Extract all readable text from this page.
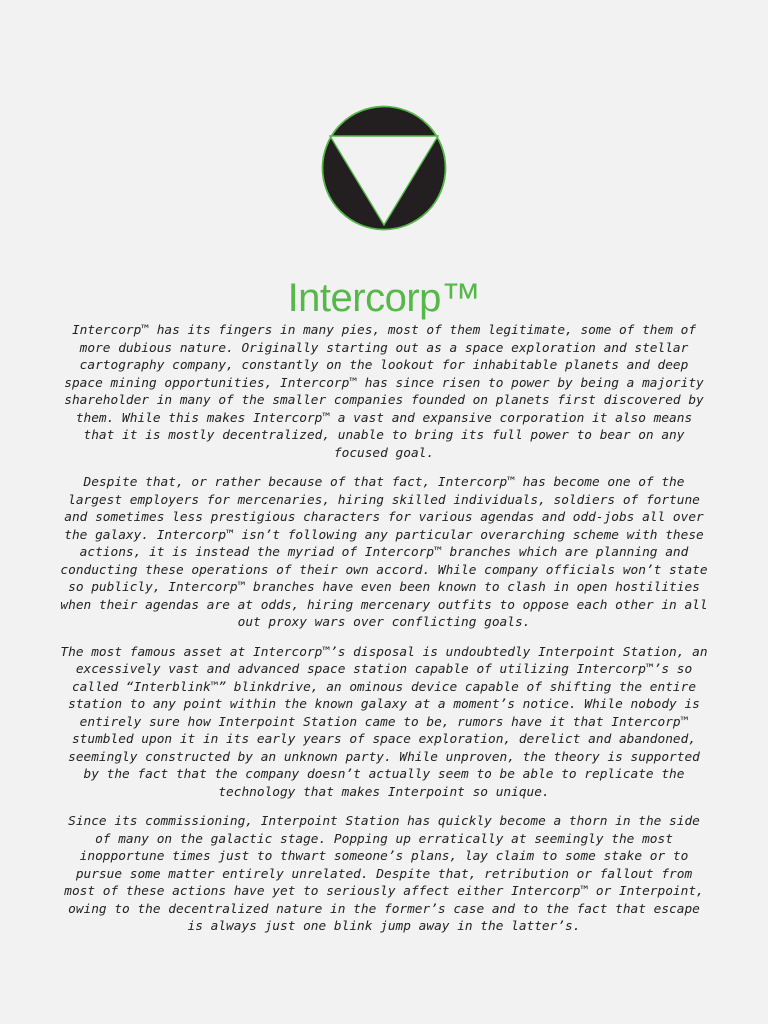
Intercorp™

Intercorp™ has its fingers in many pies, most of them legitimate, some of them of more dubious nature. Originally starting out as a space exploration and stellar cartography company, constantly on the lookout for inhabitable planets and deep space mining opportunities, Intercorp™ has since risen to power by being a majority shareholder in many of the smaller companies founded on planets first discovered by them. While this makes Intercorp™ a vast and expansive corporation it also means that it is mostly decentralized, unable to bring its full power to bear on any focused goal.

Despite that, or rather because of that fact, Intercorp™ has become one of the largest employers for mercenaries, hiring skilled individuals, soldiers of fortune and sometimes less prestigious characters for various agendas and odd-jobs all over the galaxy. Intercorp™ isn’t following any particular overarching scheme with these actions, it is instead the myriad of Intercorp™ branches which are planning and conducting these operations of their own accord. While company officials won’t state so publicly, Intercorp™ branches have even been known to clash in open hostilities when their agendas are at odds, hiring mercenary outfits to oppose each other in all out proxy wars over conflicting goals.

The most famous asset at Intercorp™’s disposal is undoubtedly Interpoint Station, an excessively vast and advanced space station capable of utilizing Intercorp™’s so called “Interblink™” blinkdrive, an ominous device capable of shifting the entire station to any point within the known galaxy at a moment’s notice. While nobody is entirely sure how Interpoint Station came to be, rumors have it that Intercorp™ stumbled upon it in its early years of space exploration, derelict and abandoned, seemingly constructed by an unknown party. While unproven, the theory is supported by the fact that the company doesn’t actually seem to be able to replicate the technology that makes Interpoint so unique.

Since its commissioning, Interpoint Station has quickly become a thorn in the side of many on the galactic stage. Popping up erratically at seemingly the most inopportune times just to thwart someone’s plans, lay claim to some stake or to pursue some matter entirely unrelated. Despite that, retribution or fallout from most of these actions have yet to seriously affect either Intercorp™ or Interpoint, owing to the decentralized nature in the former’s case and to the fact that escape is always just one blink jump away in the latter’s.
